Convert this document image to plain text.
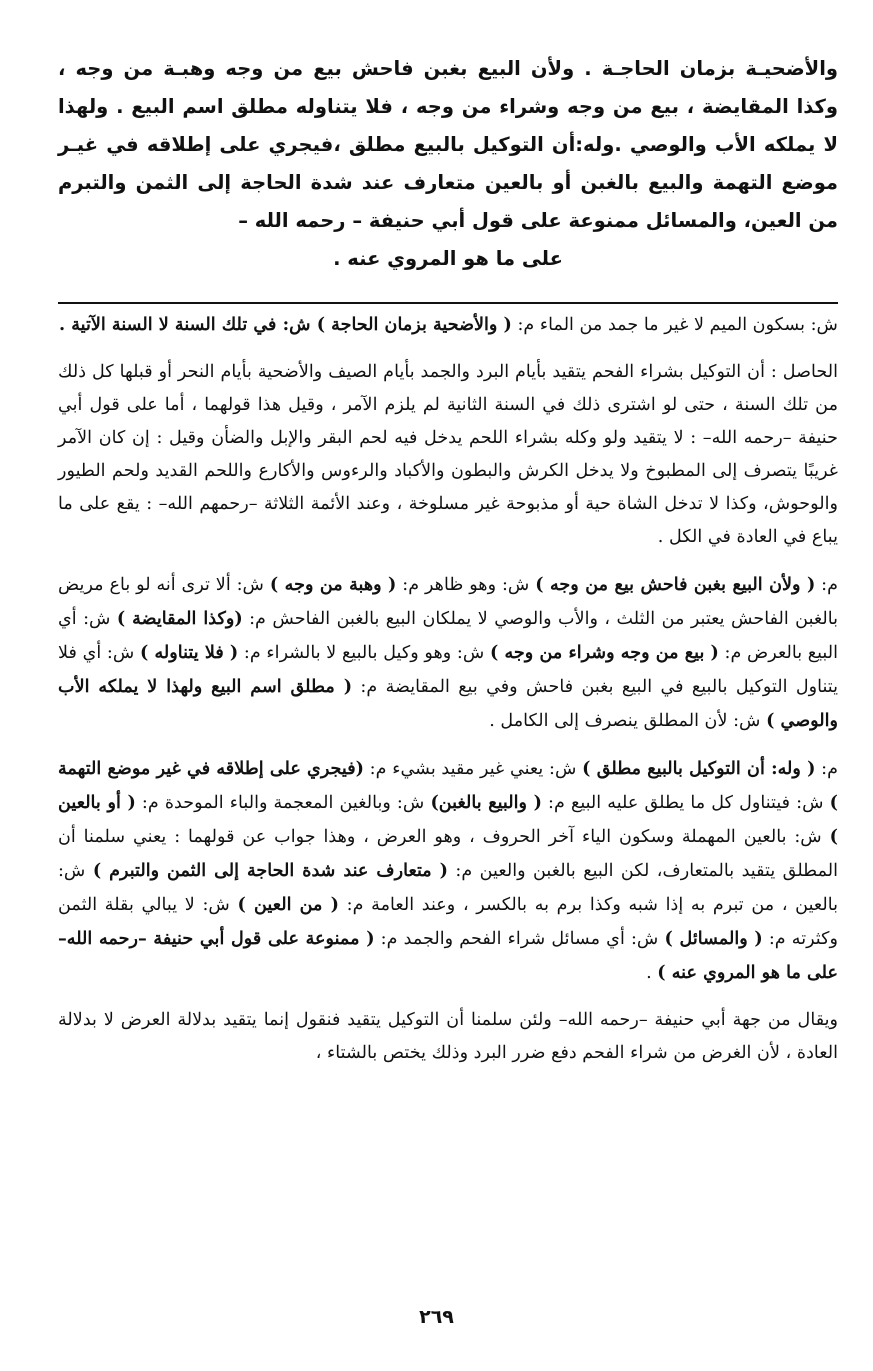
والأضحيـة بزمان الحاجـة . ولأن البيع بغبن فاحش بيع من وجه وهبـة من وجه ، وكذا المقايضة ، بيع من وجه وشراء من وجه ، فلا يتناوله مطلق اسم البيع . ولهذا لا يملكه الأب والوصي .وله:أن التوكيل بالبيع مطلق ،فيجري على إطلاقه في غيـر موضع التهمة والبيع بالغبن أو بالعين متعارف عند شدة الحاجة إلى الثمن والتبرم من العين، والمسائل ممنوعة على قول أبي حنيفة – رحمه الله –
على ما هو المروي عنه .

ش: بسكون الميم لا غير ما جمد من الماء م: ( والأضحية بزمان الحاجة ) ش: في تلك السنة لا السنة الآتية .

الحاصل : أن التوكيل بشراء الفحم يتقيد بأيام البرد والجمد بأيام الصيف والأضحية بأيام النحر أو قبلها كل ذلك من تلك السنة ، حتى لو اشترى ذلك في السنة الثانية لم يلزم الآمر ، وقيل هذا قولهما ، أما على قول أبي حنيفة –رحمه الله– : لا يتقيد ولو وكله بشراء اللحم يدخل فيه لحم البقر والإبل والضأن وقيل : إن كان الآمر غريبًا يتصرف إلى المطبوخ ولا يدخل الكرش والبطون والأكباد والرءوس والأكارع واللحم القديد ولحم الطيور والوحوش، وكذا لا تدخل الشاة حية أو مذبوحة غير مسلوخة ، وعند الأئمة الثلاثة –رحمهم الله– : يقع على ما يباع في العادة في الكل .

م: ( ولأن البيع بغبن فاحش بيع من وجه ) ش: وهو ظاهر م: ( وهبة من وجه ) ش: ألا ترى أنه لو باع مريض بالغبن الفاحش يعتبر من الثلث ، والأب والوصي لا يملكان البيع بالغبن الفاحش م: (وكذا المقايضة ) ش: أي البيع بالعرض م: ( بيع من وجه وشراء من وجه ) ش: وهو وكيل بالبيع لا بالشراء م: ( فلا يتناوله ) ش: أي فلا يتناول التوكيل بالبيع في البيع بغبن فاحش وفي بيع المقايضة م: ( مطلق اسم البيع ولهذا لا يملكه الأب والوصي ) ش: لأن المطلق ينصرف إلى الكامل .

م: ( وله: أن التوكيل بالبيع مطلق ) ش: يعني غير مقيد بشيء م: (فيجري على إطلاقه في غير موضع التهمة ) ش: فيتناول كل ما يطلق عليه البيع م: ( والبيع بالغبن) ش: وبالغين المعجمة والباء الموحدة م: ( أو بالعين ) ش: بالعين المهملة وسكون الياء آخر الحروف ، وهو العرض ، وهذا جواب عن قولهما : يعني سلمنا أن المطلق يتقيد بالمتعارف، لكن البيع بالغبن والعين م: ( متعارف عند شدة الحاجة إلى الثمن والتبرم ) ش: بالعين ، من تبرم به إذا شبه وكذا برم به بالكسر ، وعند العامة م: ( من العين ) ش: لا يبالي بقلة الثمن وكثرته م: ( والمسائل ) ش: أي مسائل شراء الفحم والجمد م: ( ممنوعة على قول أبي حنيفة –رحمه الله– على ما هو المروي عنه ) .

ويقال من جهة أبي حنيفة –رحمه الله– ولئن سلمنا أن التوكيل يتقيد فنقول إنما يتقيد بدلالة العرض لا بدلالة العادة ، لأن الغرض من شراء الفحم دفع ضرر البرد وذلك يختص بالشتاء ،

٢٦٩
